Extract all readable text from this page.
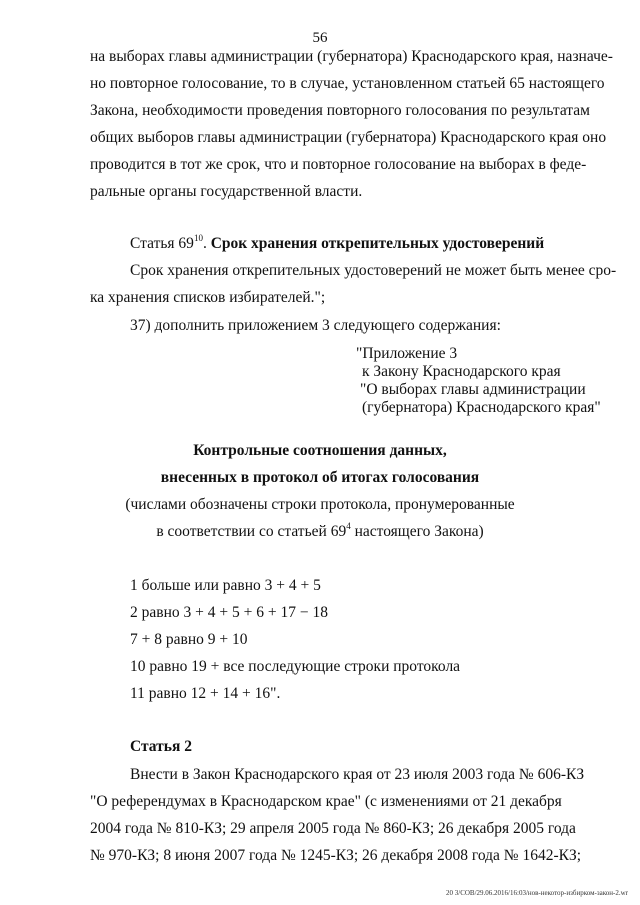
56
на выборах главы администрации (губернатора) Краснодарского края, назначе-
но повторное голосование, то в случае, установленном статьей 65 настоящего
Закона, необходимости проведения повторного голосования по результатам
общих выборов главы администрации (губернатора) Краснодарского края оно
проводится в тот же срок, что и повторное голосование на выборах в феде-
ральные органы государственной власти.
Статья $69^{10}$. Срок хранения открепительных удостоверений
Срок хранения открепительных удостоверений не может быть менее сро-
ка хранения списков избирателей.";
37) дополнить приложением 3 следующего содержания:
"Приложение 3
к Закону Краснодарского края
"О выборах главы администрации
(губернатора) Краснодарского края"
Контрольные соотношения данных,
внесенных в протокол об итогах голосования
(числами обозначены строки протокола, пронумерованные
в соответствии со статьей $69^4$ настоящего Закона)
1 больше или равно 3 + 4 + 5
2 равно 3 + 4 + 5 + 6 + 17 − 18
7 + 8 равно 9 + 10
10 равно 19 + все последующие строки протокола
11 равно 12 + 14 + 16".
Статья 2
Внести в Закон Краснодарского края от 23 июля 2003 года № 606-КЗ
"О референдумах в Краснодарском крае" (с изменениями от 21 декабря
2004 года № 810-КЗ; 29 апреля 2005 года № 860-КЗ; 26 декабря 2005 года
№ 970-КЗ; 8 июня 2007 года № 1245-КЗ; 26 декабря 2008 года № 1642-КЗ;
20 3/СОВ/29.06.2016/16:03/нов-некотор-избирком-закон-2.wr
